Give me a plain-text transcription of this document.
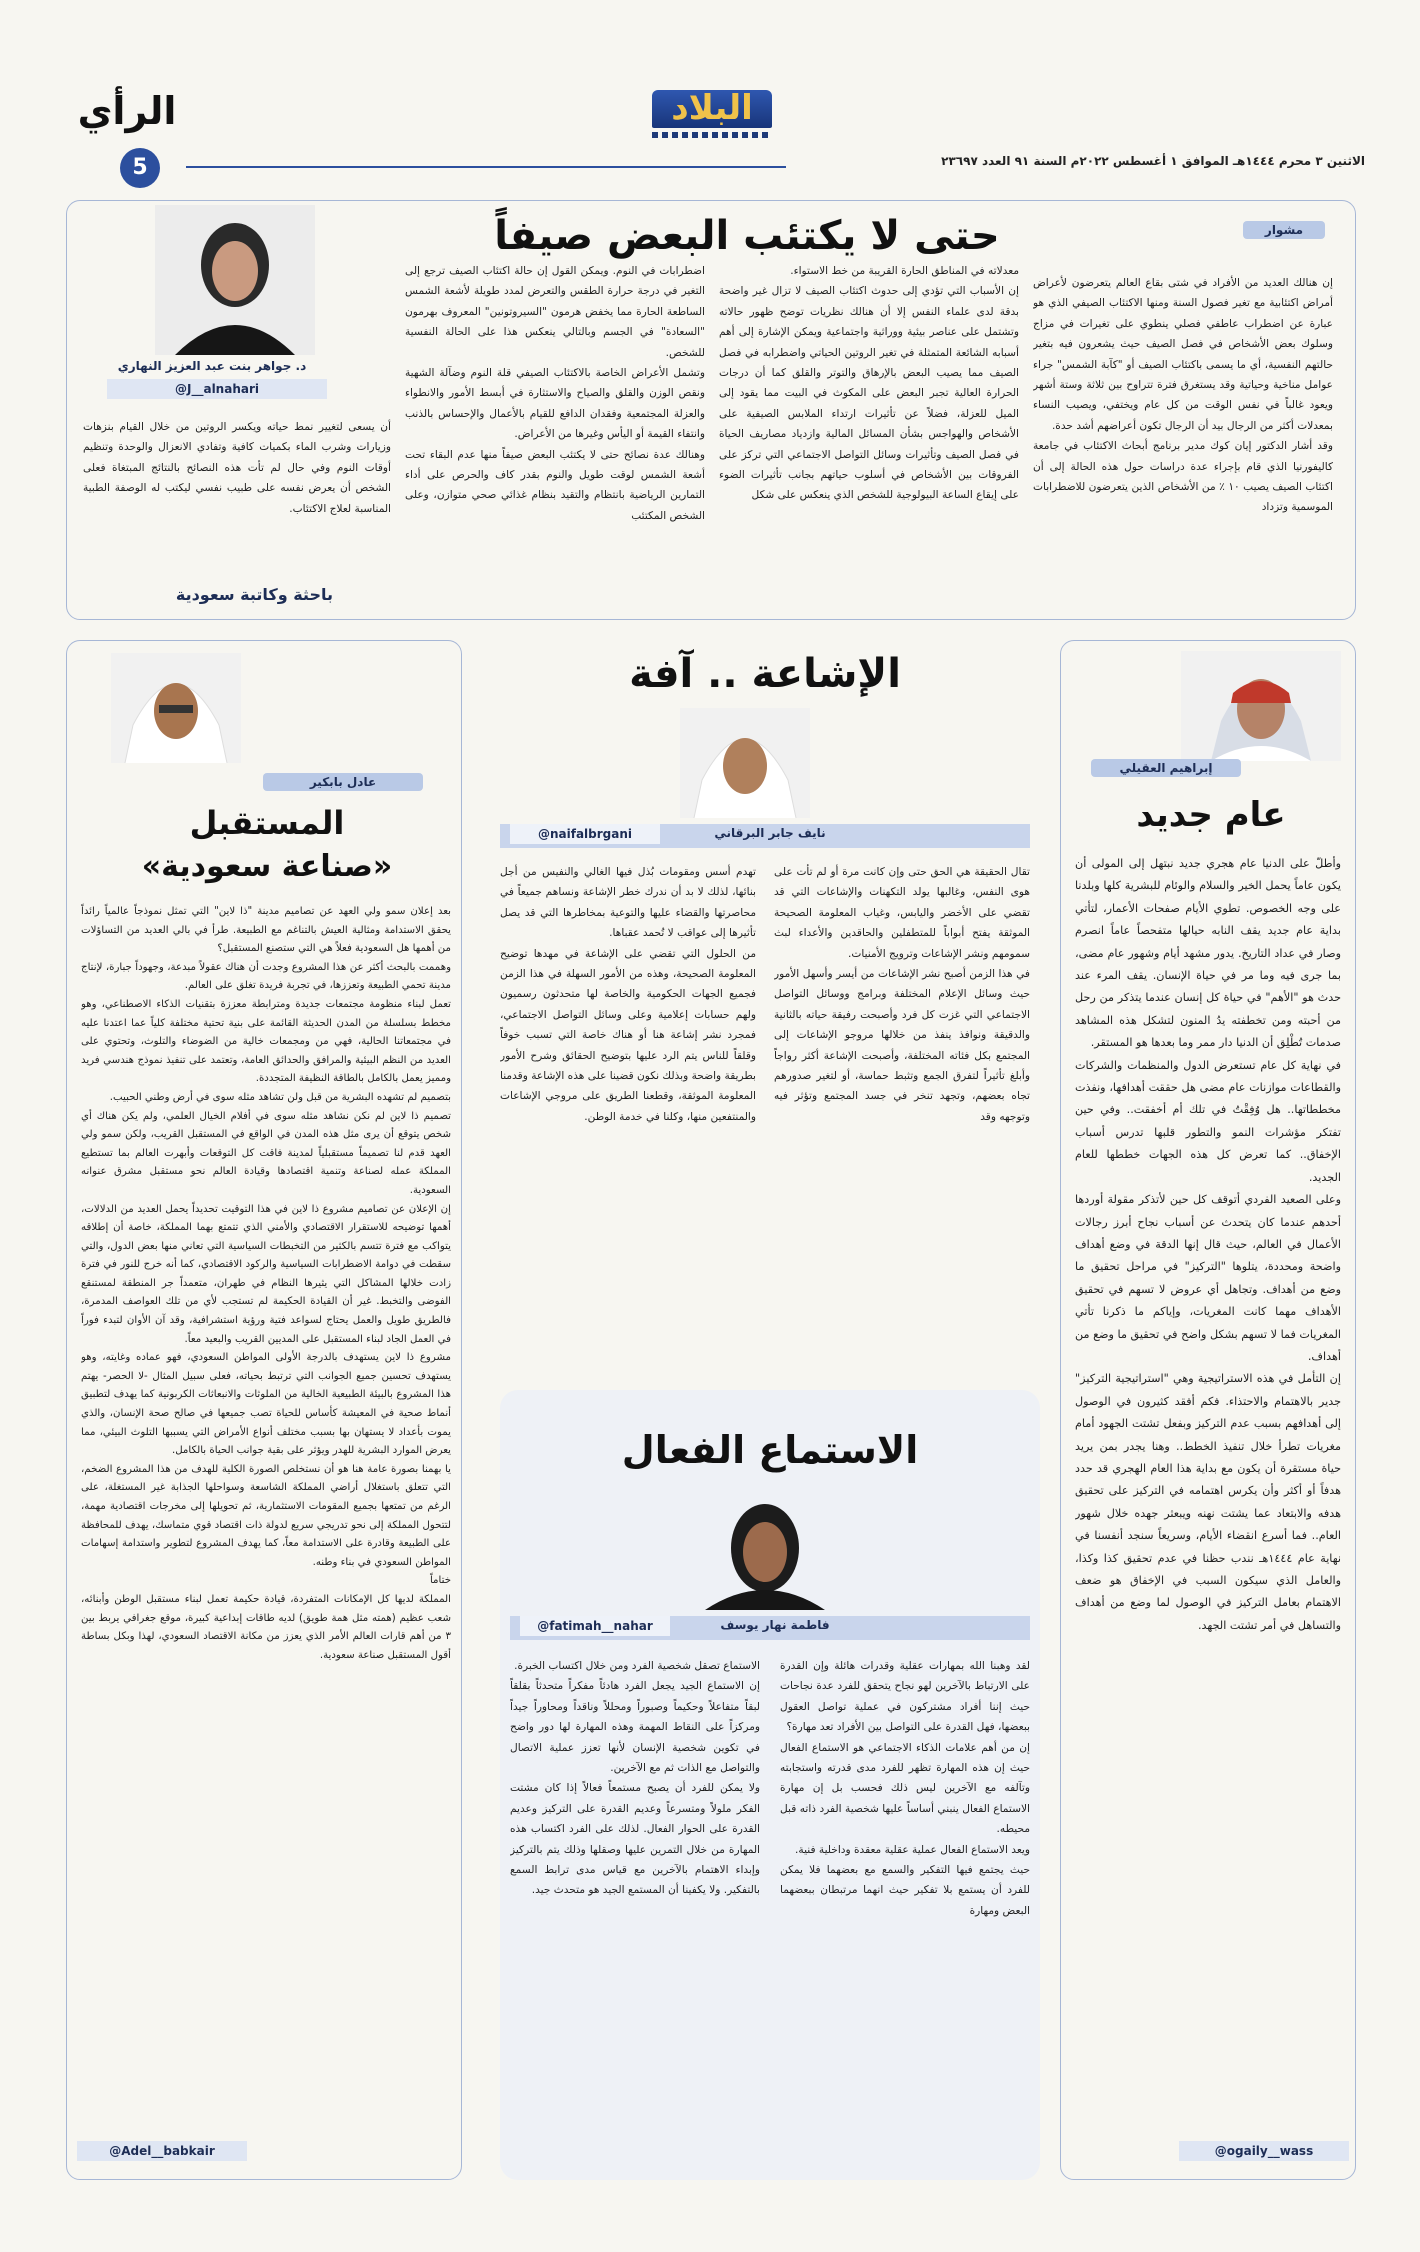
البلاد
الاثنين ٣ محرم ١٤٤٤هـ الموافق ١ أغسطس ٢٠٢٢م السنة ٩١ العدد ٢٣٦٩٧
الرأي
5
مشوار
حتى لا يكتئب البعض صيفاً
إن هنالك العديد من الأفراد في شتى بقاع العالم يتعرضون لأعراض أمراض اكتئابية مع تغير فصول السنة ومنها الاكتئاب الصيفي الذي هو عبارة عن اضطراب عاطفي فصلي ينطوي على تغيرات في مزاج وسلوك بعض الأشخاص في فصل الصيف حيث يشعرون فيه بتغير حالتهم النفسية، أي ما يسمى باكتئاب الصيف أو "كآبة الشمس" جراء عوامل مناخية وحياتية وقد يستغرق فترة تتراوح بين ثلاثة وستة أشهر ويعود غالباً في نفس الوقت من كل عام ويختفي، ويصيب النساء بمعدلات أكثر من الرجال بيد أن الرجال تكون أعراضهم أشد حدة.
وقد أشار الدكتور إيان كوك مدير برنامج أبحاث الاكتئاب في جامعة كاليفورنيا الذي قام بإجراء عدة دراسات حول هذه الحالة إلى أن اكتئاب الصيف يصيب ١٠ ٪ من الأشخاص الذين يتعرضون للاضطرابات الموسمية وتزداد
معدلاته في المناطق الحارة القريبة من خط الاستواء.
إن الأسباب التي تؤدي إلى حدوث اكتئاب الصيف لا تزال غير واضحة بدقة لدى علماء النفس إلا أن هنالك نظريات توضح ظهور حالاته وتشتمل على عناصر بيئية ووراثية واجتماعية ويمكن الإشارة إلى أهم أسبابه الشائعة المتمثلة في تغير الروتين الحياتي واضطرابه في فصل الصيف مما يصيب البعض بالإرهاق والتوتر والقلق كما أن درجات الحرارة العالية تجبر البعض على المكوث في البيت مما يقود إلى الميل للعزلة، فضلاً عن تأثيرات ارتداء الملابس الصيفية على الأشخاص والهواجس بشأن المسائل المالية وازدياد مصاريف الحياة في فصل الصيف وتأثيرات وسائل التواصل الاجتماعي التي تركز على الفروقات بين الأشخاص في أسلوب حياتهم بجانب تأثيرات الضوء على إيقاع الساعة البيولوجية للشخص الذي ينعكس على شكل
اضطرابات في النوم. ويمكن القول إن حالة اكتئاب الصيف ترجع إلى التغير في درجة حرارة الطقس والتعرض لمدد طويلة لأشعة الشمس الساطعة الحارة مما يخفض هرمون "السيروتونين" المعروف بهرمون "السعادة" في الجسم وبالتالي ينعكس هذا على الحالة النفسية للشخص.
وتشمل الأعراض الخاصة بالاكتئاب الصيفي قلة النوم وضآلة الشهية ونقص الوزن والقلق والصياح والاستثارة في أبسط الأمور والانطواء والعزلة المجتمعية وفقدان الدافع للقيام بالأعمال والإحساس بالذنب وانتفاء القيمة أو اليأس وغيرها من الأعراض.
وهنالك عدة نصائح حتى لا يكتئب البعض صيفاً منها عدم البقاء تحت أشعة الشمس لوقت طويل والنوم بقدر كاف والحرص على أداء التمارين الرياضية بانتظام والتقيد بنظام غذائي صحي متوازن، وعلى الشخص المكتئب
د. جواهر بنت عبد العزيز النهاري
@J__alnahari
أن يسعى لتغيير نمط حياته ويكسر الروتين من خلال القيام بنزهات وزيارات وشرب الماء بكميات كافية وتفادي الانعزال والوحدة وتنظيم أوقات النوم وفي حال لم تأت هذه النصائح بالنتائج المبتغاة فعلى الشخص أن يعرض نفسه على طبيب نفسي ليكتب له الوصفة الطبية المناسبة لعلاج الاكتئاب.
باحثة وكاتبة سعودية
إبراهيم العقيلي
عام جديد
وأطلّ على الدنيا عام هجري جديد نبتهل إلى المولى أن يكون عاماً يحمل الخير والسلام والوئام للبشرية كلها وبلدنا على وجه الخصوص. تطوي الأيام صفحات الأعمار، لتأتي بداية عام جديد يقف النابه حيالها متفحصاً عاماً انصرم وصار في عداد التاريخ. يدور مشهد أيام وشهور عام مضى، بما جرى فيه وما مر في حياة الإنسان. يقف المرء عند حدث هو "الأهم" في حياة كل إنسان عندما يتذكر من رحل من أحبته ومن تخطفته يدُ المنون لتشكل هذه المشاهد صدمات تُطْلِق أن الدنيا دار ممر وما بعدها هو المستقر.
في نهاية كل عام تستعرض الدول والمنظمات والشركات والقطاعات موازنات عام مضى هل حققت أهدافها، ونفذت مخططاتها.. هل وُفِقْتُ في تلك أم أخفقت.. وفي حين تفتكر مؤشرات النمو والتطور قلبها تدرس أسباب الإخفاق.. كما تعرض كل هذه الجهات خططها للعام الجديد.
وعلى الصعيد الفردي أتوقف كل حين لأتذكر مقولة أوردها أحدهم عندما كان يتحدث عن أسباب نجاح أبرز رجالات الأعمال في العالم، حيث قال إنها الدقة في وضع أهداف واضحة ومحددة، يتلوها "التركيز" في مراحل تحقيق ما وضع من أهداف. وتجاهل أي عروض لا تسهم في تحقيق الأهداف مهما كانت المغريات، وإياكم ما ذكرنا تأتي المغريات فما لا تسهم بشكل واضح في تحقيق ما وضع من أهداف.
إن التأمل في هذه الاستراتيجية وهي "استراتيجية التركيز" جدير بالاهتمام والاحتذاء. فكم أفقد كثيرون في الوصول إلى أهدافهم بسبب عدم التركيز وبفعل تشتت الجهود أمام مغريات تطرأ خلال تنفيذ الخطط.. وهنا يجدر بمن يريد حياة مستقرة أن يكون مع بداية هذا العام الهجري قد حدد هدفاً أو أكثر وأن يكرس اهتمامه في التركيز على تحقيق هدفه والابتعاد عما يشتت نهنه ويبعثر جهده خلال شهور العام.. فما أسرع انقضاء الأيام، وسريعاً سنجد أنفسنا في نهاية عام ١٤٤٤هـ نندب حظنا في عدم تحقيق كذا وكذا، والعامل الذي سيكون السبب في الإخفاق هو ضعف الاهتمام بعامل التركيز في الوصول لما وضع من أهداف والتساهل في أمر تشتت الجهد.
@ogaily__wass
عادل بابكير
المستقبل
«صناعة سعودية»
بعد إعلان سمو ولي العهد عن تصاميم مدينة "ذا لاين" التي تمثل نموذجاً عالمياً رائداً يحقق الاستدامة ومثالية العيش بالتناغم مع الطبيعة. طرأ في بالي العديد من التساؤلات من أهمها هل السعودية فعلاً هي التي ستصنع المستقبل؟
وهممت بالبحث أكثر عن هذا المشروع وجدت أن هناك عقولاً مبدعة، وجهوداً جبارة، لإنتاج مدينة تحمي الطبيعة وتعززها، في تجربة فريدة تغلق على العالم.
تعمل لبناء منظومة مجتمعات جديدة ومترابطة معززة بتقنيات الذكاء الاصطناعي، وهو مخطط بسلسلة من المدن الحديثة القائمة على بنية تحتية مختلفة كلياً عما اعتدنا عليه في مجتمعاتنا الحالية، فهي من ومجمعات خالية من الضوضاء والتلوث، وتحتوي على العديد من النظم البيئية والمرافق والحدائق العامة، وتعتمد على تنفيذ نموذج هندسي فريد ومميز يعمل بالكامل بالطاقة النظيفة المتجددة.
بتصميم لم تشهده البشرية من قبل ولن تشاهد مثله سوى في أرض وطني الحبيب.
تصميم ذا لاين لم نكن نشاهد مثله سوى في أفلام الخيال العلمي، ولم يكن هناك أي شخص يتوقع أن يرى مثل هذه المدن في الواقع في المستقبل القريب، ولكن سمو ولي العهد قدم لنا تصميماً مستقبلياً لمدينة فاقت كل التوقعات وأبهرت العالم بما تستطيع المملكة عمله لصناعة وتنمية اقتصادها وقيادة العالم نحو مستقبل مشرق عنوانه السعودية.
إن الإعلان عن تصاميم مشروع ذا لاين في هذا التوقيت تحديداً يحمل العديد من الدلالات، أهمها توضيحه للاستقرار الاقتصادي والأمني الذي تتمتع بهما المملكة، خاصة أن إطلاقه يتواكب مع فترة تتسم بالكثير من التخبطات السياسية التي تعاني منها بعض الدول، والتي سقطت في دوامة الاضطرابات السياسية والركود الاقتصادي، كما أنه خرج للنور في فترة زادت خلالها المشاكل التي يثيرها النظام في طهران، متعمداً جر المنطقة لمستنقع الفوضى والتخبط. غير أن القيادة الحكيمة لم تستجب لأي من تلك العواصف المدمرة، فالطريق طويل والعمل يحتاج لسواعد فتية ورؤية استشرافية، وقد آن الأوان لتبدء فوراً في العمل الجاد لبناء المستقبل على المديين القريب والبعيد معاً.
مشروع ذا لاين يستهدف بالدرجة الأولى المواطن السعودي، فهو عماده وغايته، وهو يستهدف تحسين جميع الجوانب التي ترتبط بحياته، فعلى سبيل المثال -لا الحصر- يهتم هذا المشروع بالبيئة الطبيعية الخالية من الملوثات والانبعاثات الكربونية كما يهدف لتطبيق أنماط صحية في المعيشة كأساس للحياة تصب جميعها في صالح صحة الإنسان، والذي يموت بأعداد لا يستهان بها بسبب مختلف أنواع الأمراض التي يسببها التلوث البيئي، مما يعرض الموارد البشرية للهدر ويؤثر على بقية جوانب الحياة بالكامل.
يا بهمنا بصورة عامة هنا هو أن نستخلص الصورة الكلية للهدف من هذا المشروع الضخم، التي تتعلق باستغلال أراضي المملكة الشاسعة وسواحلها الجذابة غير المستغلة، على الرغم من تمتعها بجميع المقومات الاستثمارية، ثم تحويلها إلى مخرجات اقتصادية مهمة، لتتحول المملكة إلى نحو تدريجي سريع لدولة ذات اقتصاد قوي متماسك، يهدف للمحافظة على الطبيعة وقادرة على الاستدامة معاً، كما يهدف المشروع لتطوير واستدامة إسهامات المواطن السعودي في بناء وطنه.
ختاماً
المملكة لديها كل الإمكانات المتفردة، قيادة حكيمة تعمل لبناء مستقبل الوطن وأبنائه، شعب عظيم (همته مثل همة طويق) لديه طاقات إبداعية كبيرة، موقع جغرافي يربط بين ٣ من أهم قارات العالم الأمر الذي يعزز من مكانة الاقتصاد السعودي، لهذا وبكل بساطة أقول المستقبل صناعة سعودية.
@Adel__babkair
الإشاعة .. آفة
نايف جابر البرقاني
@naifalbrgani
تقال الحقيقة هي الحق حتى وإن كانت مرة أو لم تأت على هوى النفس، وغالبها يولد التكهنات والإشاعات التي قد تقضي على الأخضر واليابس، وغياب المعلومة الصحيحة الموثقة يفتح أبواباً للمتطفلين والحاقدين والأعداء لبث سمومهم ونشر الإشاعات وترويج الأمنيات.
في هذا الزمن أصبح نشر الإشاعات من أيسر وأسهل الأمور حيث وسائل الإعلام المختلفة وبرامج ووسائل التواصل الاجتماعي التي غزت كل فرد وأصبحت رفيقة حياته بالثانية والدقيقة ونوافذ ينفذ من خلالها مروجو الإشاعات إلى المجتمع بكل فئاته المختلفة، وأصبحت الإشاعة أكثر رواجاً وأبلغ تأثيراً لتفرق الجمع وتثبط حماسة، أو لتغير صدورهم تجاه بعضهم، وتجهد تنخر في جسد المجتمع وتؤثر فيه وتوجهه وقد
تهدم أسس ومقومات بُذل فيها الغالي والنفيس من أجل بنائها، لذلك لا بد أن ندرك خطر الإشاعة ونساهم جميعاً في محاصرتها والقضاء عليها والتوعية بمخاطرها التي قد يصل تأثيرها إلى عواقب لا تُحمد عقباها.
من الحلول التي تقضي على الإشاعة في مهدها توضيح المعلومة الصحيحة، وهذه من الأمور السهلة في هذا الزمن فجميع الجهات الحكومية والخاصة لها متحدثون رسميون ولهم حسابات إعلامية وعلى وسائل التواصل الاجتماعي، فمجرد نشر إشاعة هنا أو هناك خاصة التي تسبب خوفاً وقلقاً للناس يتم الرد عليها بتوضيح الحقائق وشرح الأمور بطريقة واضحة وبذلك نكون قضينا على هذه الإشاعة وقدمنا المعلومة الموثقة، وقطعنا الطريق على مروجي الإشاعات والمنتفعين منها، وكلنا في خدمة الوطن.
الاستماع الفعال
فاطمة نهار يوسف
@fatimah__nahar
لقد وهبنا الله بمهارات عقلية وقدرات هائلة وإن القدرة على الارتباط بالآخرين لهو نجاح يتحقق للفرد عدة نجاحات حيث إننا أفراد مشتركون في عملية تواصل العقول ببعضها، فهل القدرة على التواصل بين الأفراد تعد مهارة؟
إن من أهم علامات الذكاء الاجتماعي هو الاستماع الفعال حيث إن هذه المهارة تظهر للفرد مدى قدرته واستجابته وتآلفه مع الآخرين ليس ذلك فحسب بل إن مهارة الاستماع الفعال ينبني أساساً عليها شخصية الفرد ذاته قبل محيطه.
ويعد الاستماع الفعال عملية عقلية معقدة وداخلية فنية.
حيث يجتمع فيها التفكير والسمع مع بعضهما فلا يمكن للفرد أن يستمع بلا تفكير حيث انهما مرتبطان ببعضهما البعض ومهارة
الاستماع تصقل شخصية الفرد ومن خلال اكتساب الخبرة.
إن الاستماع الجيد يجعل الفرد هادئاً مفكراً متحدثاً بقلقاً لبقاً متفاعلاً وحكيماً وصبوراً ومحللاً وناقداً ومحاوراً جيداً ومركزاً على النقاط المهمة وهذه المهارة لها دور واضح في تكوين شخصية الإنسان لأنها تعزز عملية الاتصال والتواصل مع الذات ثم مع الآخرين.
ولا يمكن للفرد أن يصبح مستمعاً فعالاً إذا كان مشتت الفكر ملولاً ومتسرعاً وعديم القدرة على التركيز وعديم القدرة على الحوار الفعال. لذلك على الفرد اكتساب هذه المهارة من خلال التمرين عليها وصقلها وذلك يتم بالتركيز وإبداء الاهتمام بالآخرين مع قياس مدى ترابط السمع بالتفكير. ولا يكفينا أن المستمع الجيد هو متحدث جيد.
